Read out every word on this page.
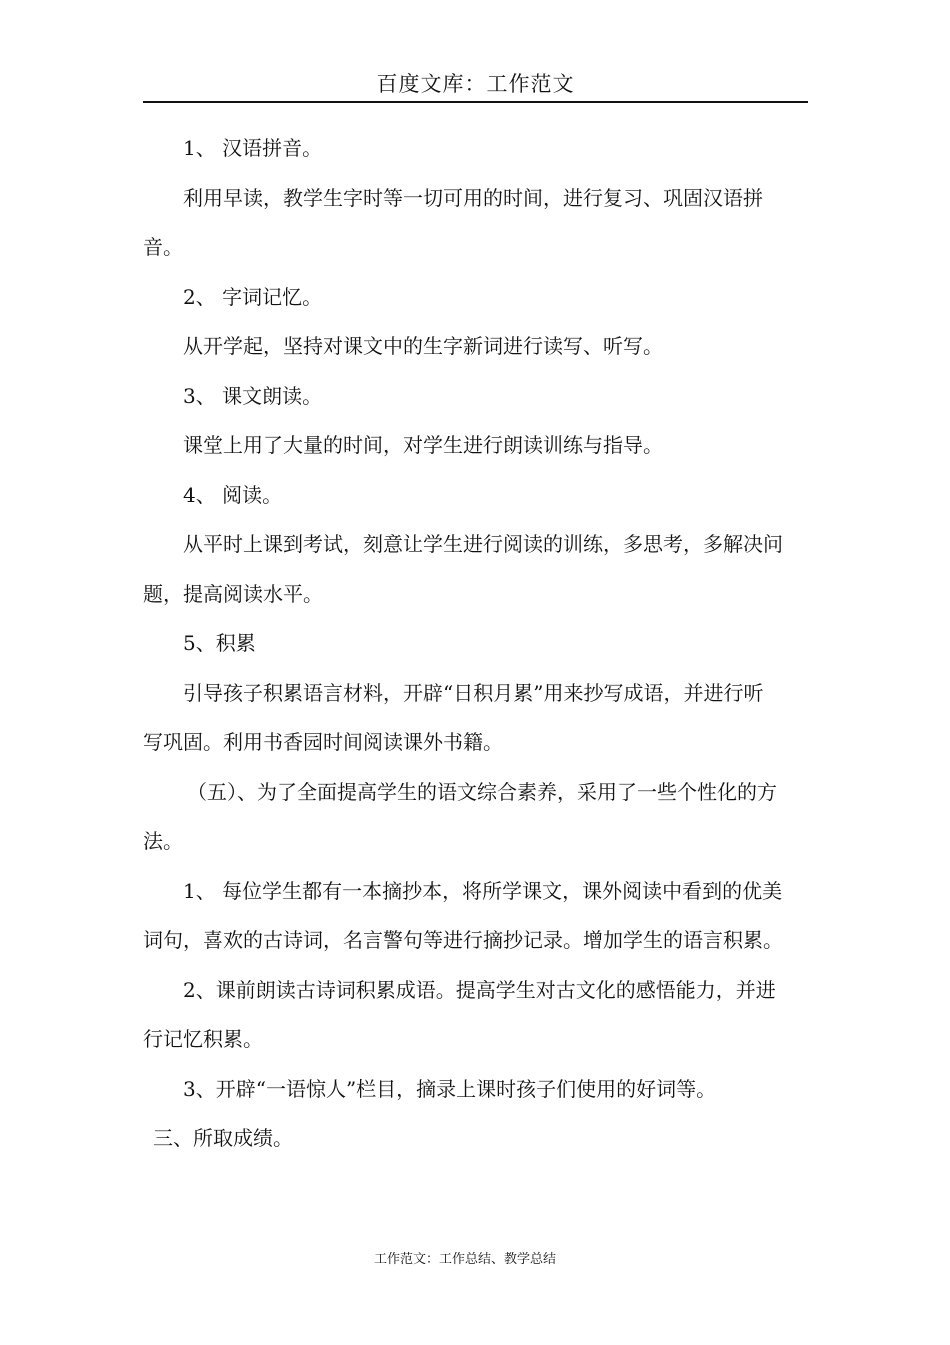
百度文库：工作范文

1、 汉语拼音。

利用早读，教学生字时等一切可用的时间，进行复习、巩固汉语拼音。

2、 字词记忆。

从开学起，坚持对课文中的生字新词进行读写、听写。

3、 课文朗读。

课堂上用了大量的时间，对学生进行朗读训练与指导。

4、 阅读。

从平时上课到考试，刻意让学生进行阅读的训练，多思考，多解决问题，提高阅读水平。

5、积累

引导孩子积累语言材料，开辟“日积月累”用来抄写成语，并进行听写巩固。利用书香园时间阅读课外书籍。

（五）、为了全面提高学生的语文综合素养，采用了一些个性化的方法。

1、 每位学生都有一本摘抄本，将所学课文，课外阅读中看到的优美词句，喜欢的古诗词，名言警句等进行摘抄记录。增加学生的语言积累。

2、课前朗读古诗词积累成语。提高学生对古文化的感悟能力，并进行记忆积累。

3、开辟“一语惊人”栏目，摘录上课时孩子们使用的好词等。

三、所取成绩。

工作范文：工作总结、教学总结
